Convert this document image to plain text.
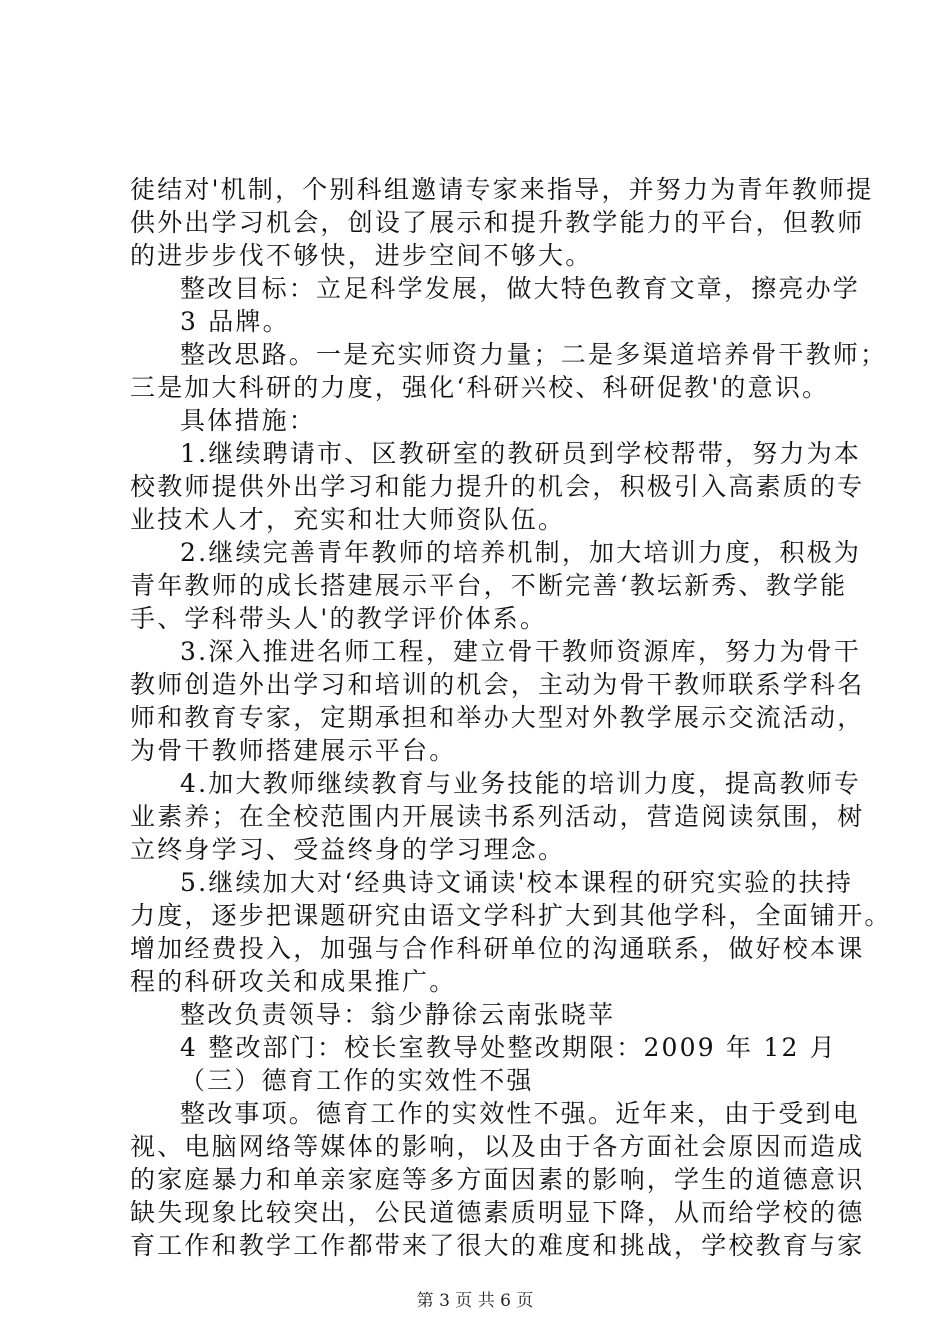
徒结对'机制，个别科组邀请专家来指导，并努力为青年教师提
供外出学习机会，创设了展示和提升教学能力的平台，但教师
的进步步伐不够快，进步空间不够大。
整改目标：立足科学发展，做大特色教育文章，擦亮办学
3 品牌。
整改思路。一是充实师资力量；二是多渠道培养骨干教师；
三是加大科研的力度，强化‘科研兴校、科研促教'的意识。
具体措施：
1.继续聘请市、区教研室的教研员到学校帮带，努力为本
校教师提供外出学习和能力提升的机会，积极引入高素质的专
业技术人才，充实和壮大师资队伍。
2.继续完善青年教师的培养机制，加大培训力度，积极为
青年教师的成长搭建展示平台，不断完善‘教坛新秀、教学能
手、学科带头人'的教学评价体系。
3.深入推进名师工程，建立骨干教师资源库，努力为骨干
教师创造外出学习和培训的机会，主动为骨干教师联系学科名
师和教育专家，定期承担和举办大型对外教学展示交流活动，
为骨干教师搭建展示平台。
4.加大教师继续教育与业务技能的培训力度，提高教师专
业素养；在全校范围内开展读书系列活动，营造阅读氛围，树
立终身学习、受益终身的学习理念。
5.继续加大对‘经典诗文诵读'校本课程的研究实验的扶持
力度，逐步把课题研究由语文学科扩大到其他学科，全面铺开。
增加经费投入，加强与合作科研单位的沟通联系，做好校本课
程的科研攻关和成果推广。
整改负责领导：翁少静徐云南张晓苹
4 整改部门：校长室教导处整改期限：2009 年 12 月
（三）德育工作的实效性不强
整改事项。德育工作的实效性不强。近年来，由于受到电
视、电脑网络等媒体的影响，以及由于各方面社会原因而造成
的家庭暴力和单亲家庭等多方面因素的影响，学生的道德意识
缺失现象比较突出，公民道德素质明显下降，从而给学校的德
育工作和教学工作都带来了很大的难度和挑战，学校教育与家
第 3 页 共 6 页
